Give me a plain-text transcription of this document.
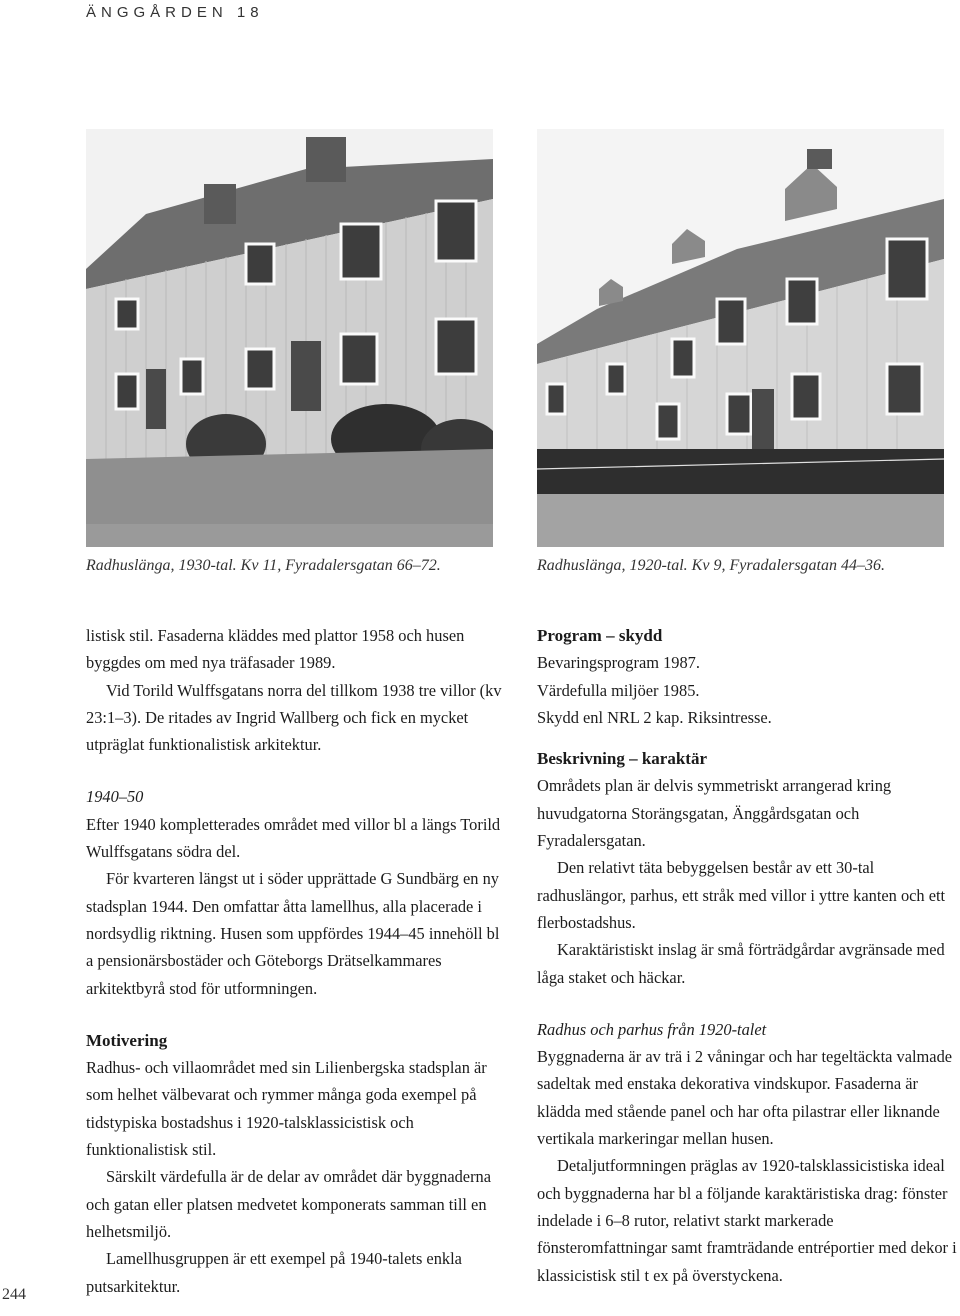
ÄNGGÅRDEN 18
Radhuslänga, 1930-tal. Kv 11, Fyradalersgatan 66–72.	Radhuslänga, 1920-tal. Kv 9, Fyradalersgatan 44–36.

listisk stil. Fasaderna kläddes med plattor 1958 och husen byggdes om med nya träfasader 1989.

Vid Torild Wulffsgatans norra del tillkom 1938 tre villor (kv 23:1–3). De ritades av Ingrid Wallberg och fick en mycket utpräglat funktionalistisk arkitektur.

1940–50

Efter 1940 kompletterades området med villor bl a längs Torild Wulffsgatans södra del.

För kvarteren längst ut i söder upprättade G Sundbärg en ny stadsplan 1944. Den omfattar åtta lamellhus, alla placerade i nordsydlig riktning. Husen som uppfördes 1944–45 innehöll bl a pensionärsbostäder och Göteborgs Drätselkammares arkitektbyrå stod för utformningen.

Motivering

Radhus- och villaområdet med sin Lilienbergska stadsplan är som helhet välbevarat och rymmer många goda exempel på tidstypiska bostadshus i 1920-talsklassicistisk och funktionalistisk stil.

Särskilt värdefulla är de delar av området där byggnaderna och gatan eller platsen medvetet komponerats samman till en helhetsmiljö.

Lamellhusgruppen är ett exempel på 1940-talets enkla putsarkitektur.

Program – skydd

Bevaringsprogram 1987.

Värdefulla miljöer 1985.

Skydd enl NRL 2 kap. Riksintresse.

Beskrivning – karaktär

Områdets plan är delvis symmetriskt arrangerad kring huvudgatorna Storängsgatan, Änggårdsgatan och Fyradalersgatan.

Den relativt täta bebyggelsen består av ett 30-tal radhuslängor, parhus, ett stråk med villor i yttre kanten och ett flerbostadshus.

Karaktäristiskt inslag är små förträdgårdar avgränsade med låga staket och häckar.

Radhus och parhus från 1920-talet

Byggnaderna är av trä i 2 våningar och har tegeltäckta valmade sadeltak med enstaka dekorativa vindskupor. Fasaderna är klädda med stående panel och har ofta pilastrar eller liknande vertikala markeringar mellan husen.

Detaljutformningen präglas av 1920-talsklassicistiska ideal och byggnaderna har bl a följande karaktäristiska drag: fönster indelade i 6–8 rutor, relativt starkt markerade fönsteromfattningar samt framträdande entréportier med dekor i klassicistisk stil t ex på överstyckena.

244
